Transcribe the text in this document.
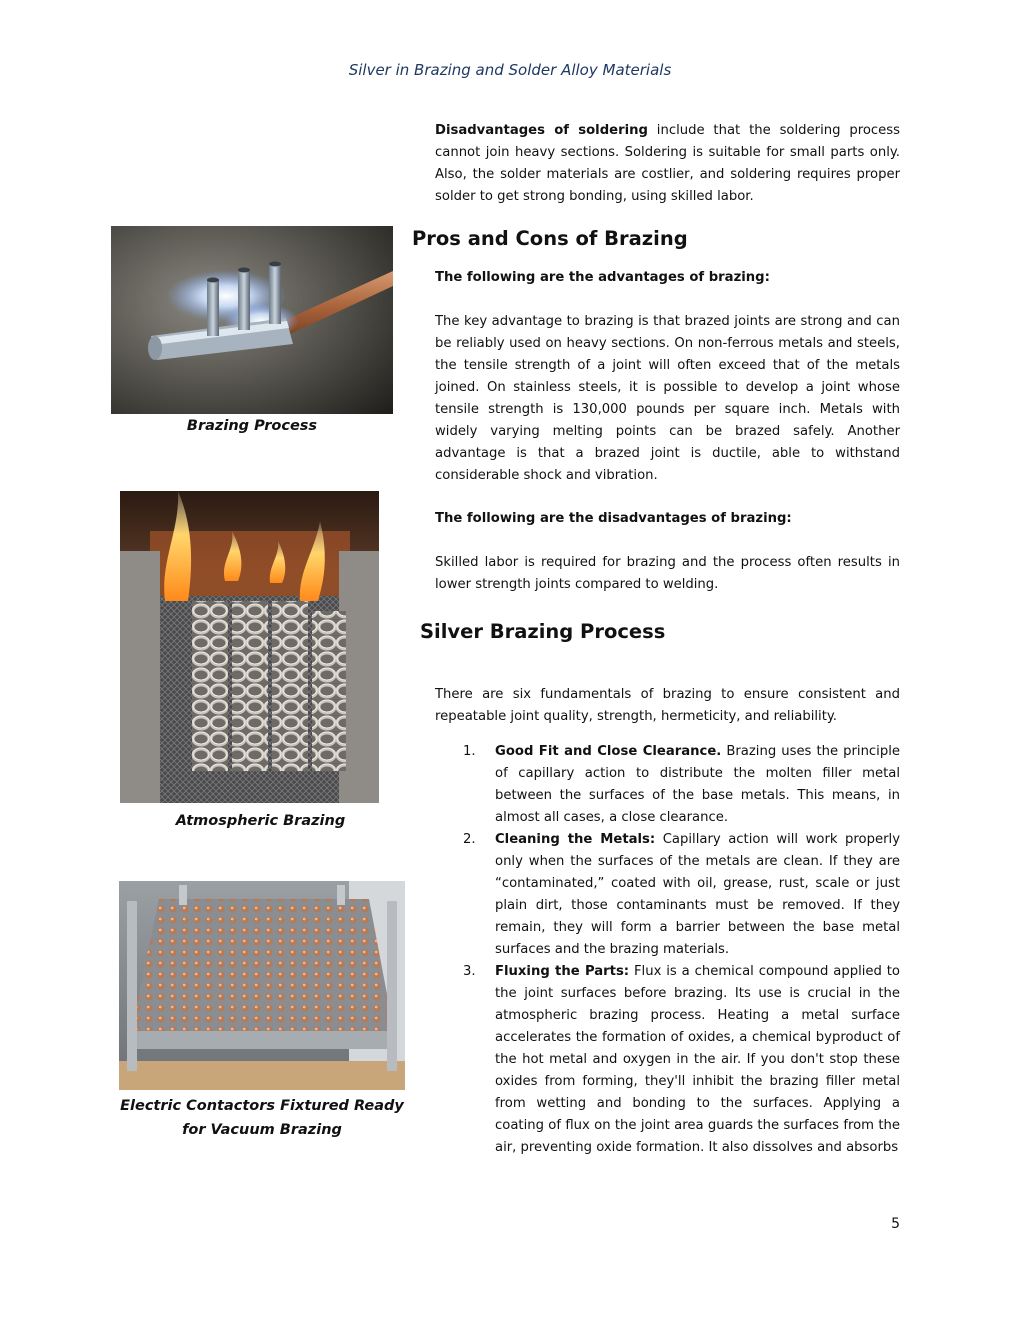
Silver in Brazing and Solder Alloy Materials
Disadvantages of soldering include that the soldering process cannot join heavy sections. Soldering is suitable for small parts only. Also, the solder materials are costlier, and soldering requires proper solder to get strong bonding, using skilled labor.
Pros and Cons of Brazing
The following are the advantages of brazing:
The key advantage to brazing is that brazed joints are strong and can be reliably used on heavy sections. On non-ferrous metals and steels, the tensile strength of a joint will often exceed that of the metals joined. On stainless steels, it is possible to develop a joint whose tensile strength is 130,000 pounds per square inch. Metals with widely varying melting points can be brazed safely. Another advantage is that a brazed joint is ductile, able to withstand considerable shock and vibration.
The following are the disadvantages of brazing:
Skilled labor is required for brazing and the process often results in lower strength joints compared to welding.
Silver Brazing Process
There are six fundamentals of brazing to ensure consistent and repeatable joint quality, strength, hermeticity, and reliability.
1. Good Fit and Close Clearance. Brazing uses the principle of capillary action to distribute the molten filler metal between the surfaces of the base metals. This means, in almost all cases, a close clearance.
2. Cleaning the Metals: Capillary action will work properly only when the surfaces of the metals are clean. If they are “contaminated,” coated with oil, grease, rust, scale or just plain dirt, those contaminants must be removed. If they remain, they will form a barrier between the base metal surfaces and the brazing materials.
3. Fluxing the Parts: Flux is a chemical compound applied to the joint surfaces before brazing. Its use is crucial in the atmospheric brazing process. Heating a metal surface accelerates the formation of oxides, a chemical byproduct of the hot metal and oxygen in the air. If you don't stop these oxides from forming, they'll inhibit the brazing filler metal from wetting and bonding to the surfaces. Applying a coating of flux on the joint area guards the surfaces from the air, preventing oxide formation. It also dissolves and absorbs
Brazing Process
Atmospheric Brazing
Electric Contactors Fixtured Ready for Vacuum Brazing
5
